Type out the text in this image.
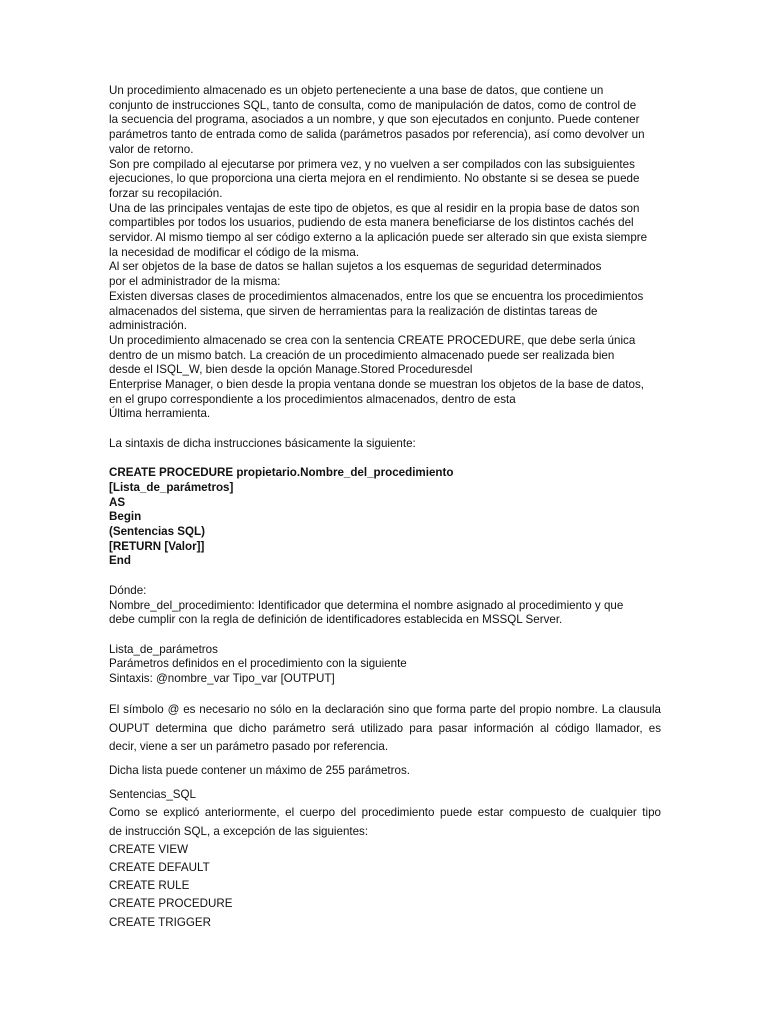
Un procedimiento almacenado es un objeto perteneciente a una base de datos, que contiene un
conjunto de instrucciones SQL, tanto de consulta, como de manipulación de datos, como de control de
la secuencia del programa, asociados a un nombre, y que son ejecutados en conjunto. Puede contener
parámetros tanto de entrada como de salida (parámetros pasados por referencia), así como devolver un
valor de retorno.
Son pre compilado al ejecutarse por primera vez, y no vuelven a ser compilados con las subsiguientes
ejecuciones, lo que proporciona una cierta mejora en el rendimiento. No obstante si se desea se puede
forzar su recopilación.
Una de las principales ventajas de este tipo de objetos, es que al residir en la propia base de datos son
compartibles por todos los usuarios, pudiendo de esta manera beneficiarse de los distintos cachés del
servidor. Al mismo tiempo al ser código externo a la aplicación puede ser alterado sin que exista siempre
la necesidad de modificar el código de la misma.
Al ser objetos de la base de datos se hallan sujetos a los esquemas de seguridad determinados
por el administrador de la misma:
Existen diversas clases de procedimientos almacenados, entre los que se encuentra los procedimientos
almacenados del sistema, que sirven de herramientas para la realización de distintas tareas de
administración.
Un procedimiento almacenado se crea con la sentencia CREATE PROCEDURE, que debe serla única
dentro de un mismo batch. La creación de un procedimiento almacenado puede ser realizada bien
desde el ISQL_W, bien desde la opción Manage.Stored Proceduresdel
Enterprise Manager, o bien desde la propia ventana donde se muestran los objetos de la base de datos,
en el grupo correspondiente a los procedimientos almacenados, dentro de esta
Última herramienta.
La sintaxis de dicha instrucciones básicamente la siguiente:
CREATE PROCEDURE propietario.Nombre_del_procedimiento
[Lista_de_parámetros]
AS
Begin
(Sentencias SQL)
[RETURN [Valor]]
End
Dónde:
Nombre_del_procedimiento: Identificador que determina el nombre asignado al procedimiento y que
debe cumplir con la regla de definición de identificadores establecida en MSSQL Server.
Lista_de_parámetros
Parámetros definidos en el procedimiento con la siguiente
Sintaxis: @nombre_var Tipo_var [OUTPUT]
El símbolo @ es necesario no sólo en la declaración sino que forma parte del propio nombre. La clausula
OUPUT determina que dicho parámetro será utilizado para pasar información al código llamador, es
decir, viene a ser un parámetro pasado por referencia.
Dicha lista puede contener un máximo de 255 parámetros.
Sentencias_SQL
Como se explicó anteriormente, el cuerpo del procedimiento puede estar compuesto de cualquier tipo
de instrucción SQL, a excepción de las siguientes:
CREATE VIEW
CREATE DEFAULT
CREATE RULE
CREATE PROCEDURE
CREATE TRIGGER
